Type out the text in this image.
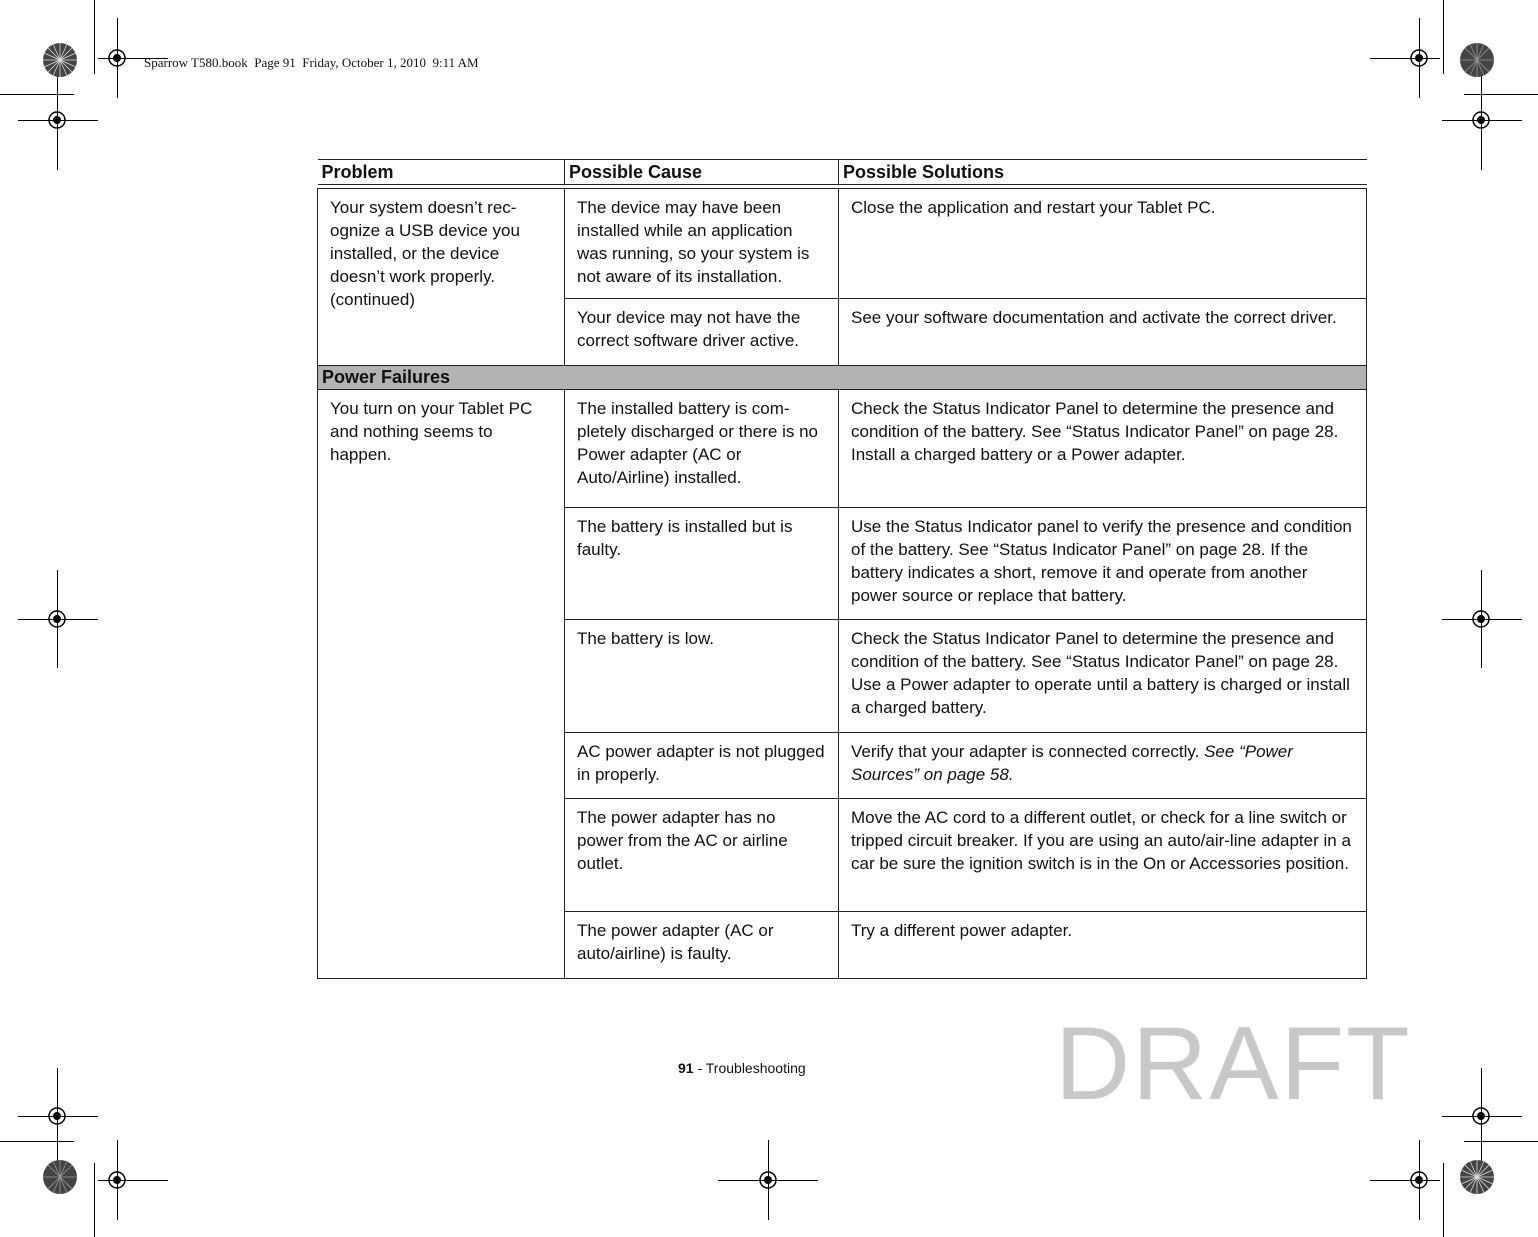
Sparrow T580.book  Page 91  Friday, October 1, 2010  9:11 AM
Problem	Possible Cause	Possible Solutions

Your system doesn’t rec-ognize a USB device you installed, or the device doesn’t work properly. (continued)	The device may have been installed while an application was running, so your system is not aware of its installation.	Close the application and restart your Tablet PC.
	Your device may not have the correct software driver active.	See your software documentation and activate the correct driver.
Power Failures		
You turn on your Tablet PC and nothing seems to happen.	The installed battery is com-pletely discharged or there is no Power adapter (AC or Auto/Airline) installed.	Check the Status Indicator Panel to determine the presence and condition of the battery. See “Status Indicator Panel” on page 28. Install a charged battery or a Power adapter.
	The battery is installed but is faulty.	Use the Status Indicator panel to verify the presence and condition of the battery. See “Status Indicator Panel” on page 28. If the battery indicates a short, remove it and operate from another power source or replace that battery.
	The battery is low.	Check the Status Indicator Panel to determine the presence and condition of the battery. See “Status Indicator Panel” on page 28. Use a Power adapter to operate until a battery is charged or install a charged battery.
	AC power adapter is not plugged in properly.	Verify that your adapter is connected correctly. See “Power Sources” on page 58.
	The power adapter has no power from the AC or airline outlet.	Move the AC cord to a different outlet, or check for a line switch or tripped circuit breaker. If you are using an auto/air-line adapter in a car be sure the ignition switch is in the On or Accessories position.
	The power adapter (AC or auto/airline) is faulty.	Try a different power adapter.
91 - Troubleshooting DRAFT
